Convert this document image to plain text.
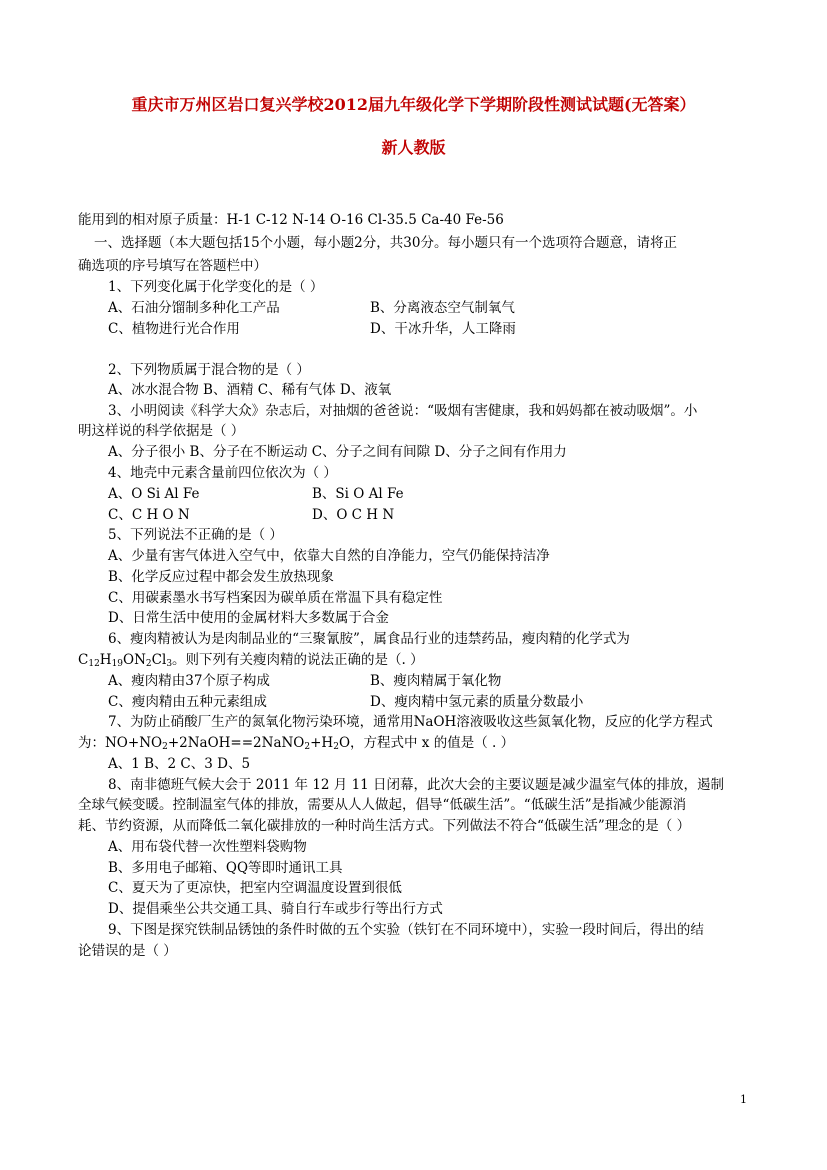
重庆市万州区岩口复兴学校2012届九年级化学下学期阶段性测试试题(无答案）
新人教版
能用到的相对原子质量：H-1 C-12 N-14 O-16 Cl-35.5 Ca-40 Fe-56
一、选择题（本大题包括15个小题，每小题2分，共30分。每小题只有一个选项符合题意，请将正
确选项的序号填写在答题栏中）
1、下列变化属于化学变化的是（ ）
A、石油分馏制多种化工产品	B、分离液态空气制氧气
C、植物进行光合作用	D、干冰升华，人工降雨
2、下列物质属于混合物的是（ ）
A、冰水混合物 B、酒精 C、稀有气体 D、液氧
3、小明阅读《科学大众》杂志后，对抽烟的爸爸说：“吸烟有害健康，我和妈妈都在被动吸烟”。小
明这样说的科学依据是（ ）
A、分子很小 B、分子在不断运动 C、分子之间有间隙 D、分子之间有作用力
4、地壳中元素含量前四位依次为（ ）
A、O Si Al Fe	B、Si O Al Fe
C、C H O N	D、O C H N
5、下列说法不正确的是（ ）
A、少量有害气体进入空气中，依靠大自然的自净能力，空气仍能保持洁净
B、化学反应过程中都会发生放热现象
C、用碳素墨水书写档案因为碳单质在常温下具有稳定性
D、日常生活中使用的金属材料大多数属于合金
6、瘦肉精被认为是肉制品业的“三聚氰胺”，属食品行业的违禁药品，瘦肉精的化学式为
$C_{12}H_{19}ON_2Cl_3$。则下列有关瘦肉精的说法正确的是（. ）
A、瘦肉精由37个原子构成	B、瘦肉精属于氧化物
C、瘦肉精由五种元素组成	D、瘦肉精中氢元素的质量分数最小
7、为防止硝酸厂生产的氮氧化物污染环境，通常用NaOH溶液吸收这些氮氧化物，反应的化学方程式
为：$NO+NO_2+2NaOH==2NaNO_2+H_2O$，方程式中 x 的值是（ . ）
A、1 B、2 C、3 D、5
8、南非德班气候大会于 2011 年 12 月 11 日闭幕，此次大会的主要议题是减少温室气体的排放，遏制
全球气候变暖。控制温室气体的排放，需要从人人做起，倡导“低碳生活”。“低碳生活”是指减少能源消
耗、节约资源，从而降低二氧化碳排放的一种时尚生活方式。下列做法不符合“低碳生活”理念的是（ ）
A、用布袋代替一次性塑料袋购物
B、多用电子邮箱、QQ等即时通讯工具
C、夏天为了更凉快，把室内空调温度设置到很低
D、提倡乘坐公共交通工具、骑自行车或步行等出行方式
9、下图是探究铁制品锈蚀的条件时做的五个实验（铁钉在不同环境中），实验一段时间后，得出的结
论错误的是（ ）
1
